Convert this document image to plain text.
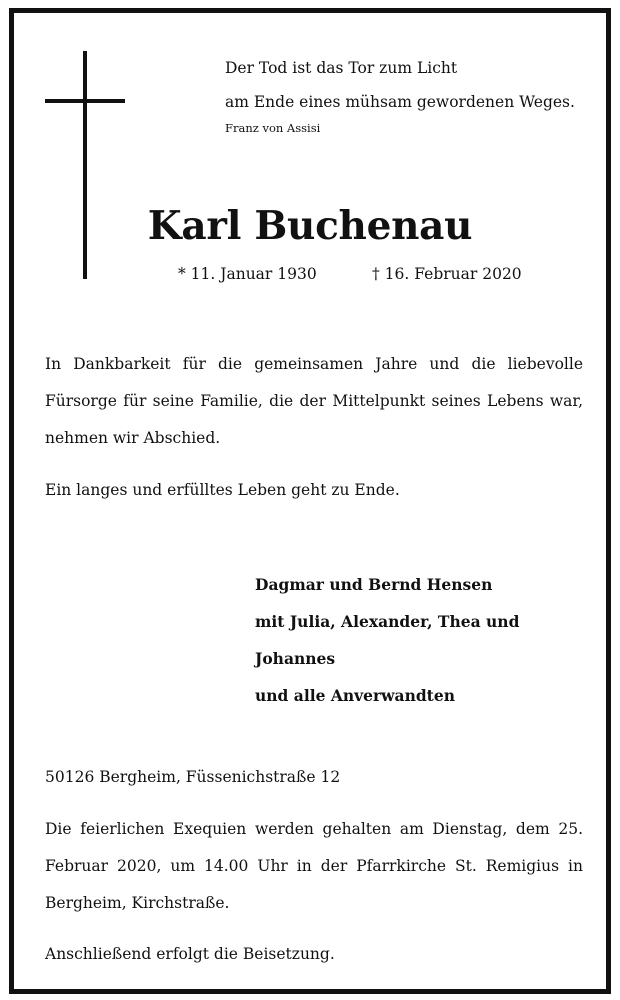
Der Tod ist das Tor zum Licht
am Ende eines mühsam gewordenen Weges.
Franz von Assisi
Karl Buchenau
* 11. Januar 1930	† 16. Februar 2020
In Dankbarkeit für die gemeinsamen Jahre und die liebevolle Fürsorge für seine Familie, die der Mittelpunkt seines Lebens war, nehmen wir Abschied.
Ein langes und erfülltes Leben geht zu Ende.
Dagmar und Bernd Hensen
mit Julia, Alexander, Thea und
Johannes
und alle Anverwandten
50126 Bergheim, Füssenichstraße 12
Die feierlichen Exequien werden gehalten am Dienstag, dem 25. Februar 2020, um 14.00 Uhr in der Pfarrkirche St. Remigius in Bergheim, Kirchstraße.
Anschließend erfolgt die Beisetzung.
